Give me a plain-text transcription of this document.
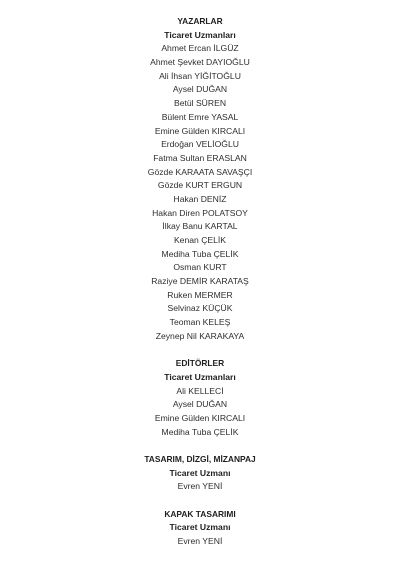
YAZARLAR
Ticaret Uzmanları
Ahmet Ercan İLGÜZ
Ahmet Şevket DAYIOĞLU
Ali İhsan YİĞİTOĞLU
Aysel DUĞAN
Betül SÜREN
Bülent Emre YASAL
Emine Gülden KIRCALI
Erdoğan VELİOĞLU
Fatma Sultan ERASLAN
Gözde KARAATA SAVAŞÇI
Gözde KURT ERGUN
Hakan DENİZ
Hakan Diren POLATSOY
İlkay Banu KARTAL
Kenan ÇELİK
Mediha Tuba ÇELİK
Osman KURT
Raziye DEMİR KARATAŞ
Ruken MERMER
Selvinaz KÜÇÜK
Teoman KELEŞ
Zeynep Nil KARAKAYA
EDİTÖRLER
Ticaret Uzmanları
Ali KELLECİ
Aysel DUĞAN
Emine Gülden KIRCALI
Mediha Tuba ÇELİK
TASARIM, DİZGİ, MİZANPAJ
Ticaret Uzmanı
Evren YENİ
KAPAK TASARIMI
Ticaret Uzmanı
Evren YENİ
